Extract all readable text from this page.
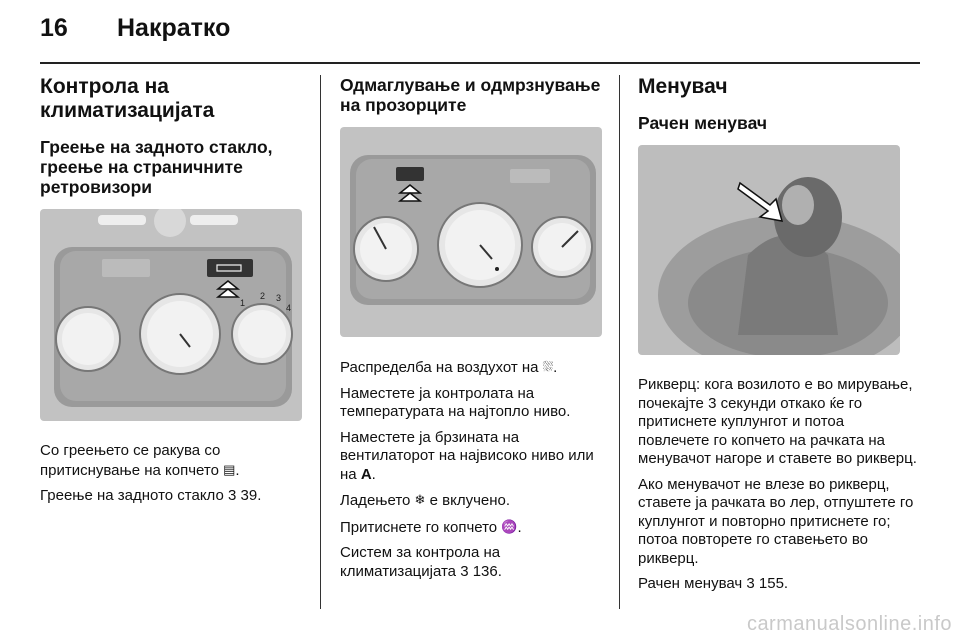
16	Накратко
Контрола на климатизацијата
Греење на задното стакло, греење на страничните ретровизори
1
2 3
4

Со греењето се ракува со притиснување на копчето ▤.

Греење на задното стакло 3 39.

Одмаглување и одмрзнување на прозорците

Распределба на воздухот на ⛆.

Наместете ја контролата на температурата на најтопло ниво.

Наместете ја брзината на вентилаторот на највисоко ниво или на A.

Ладењето ❄ е вклучено.

Притиснете го копчето ♒.

Систем за контрола на климатизацијата 3 136.

Менувач
Рачен менувач

Рикверц: кога возилото е во мирување, почекајте 3 секунди откако ќе го притиснете куплунгот и потоа повлечете го копчето на рачката на менувачот нагоре и ставете во рикверц.

Ако менувачот не влезе во рикверц, ставете ја рачката во лер, отпуштете го куплунгот и повторно притиснете го; потоа повторете го ставењето во рикверц.

Рачен менувач 3 155.

carmanualsonline.info
